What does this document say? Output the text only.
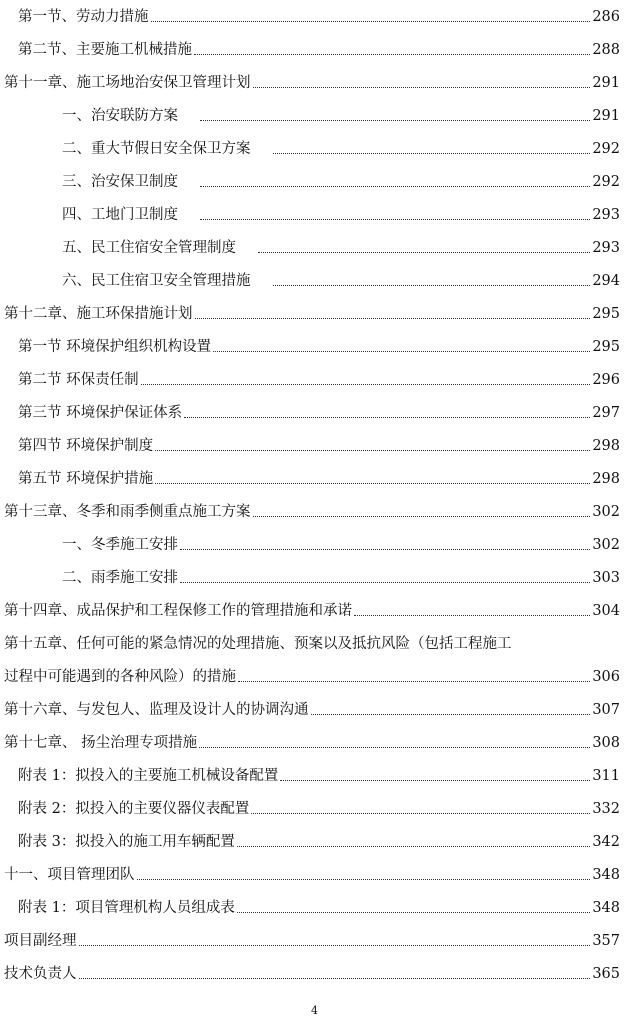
第一节、劳动力措施	286
第二节、主要施工机械措施	288
第十一章、施工场地治安保卫管理计划	291
一、治安联防方案	291
二、重大节假日安全保卫方案	292
三、治安保卫制度	292
四、工地门卫制度	293
五、民工住宿安全管理制度	293
六、民工住宿卫安全管理措施	294
第十二章、施工环保措施计划	295
第一节 环境保护组织机构设置	295
第二节 环保责任制	296
第三节 环境保护保证体系	297
第四节 环境保护制度	298
第五节 环境保护措施	298
第十三章、冬季和雨季侧重点施工方案	302
一、冬季施工安排	302
二、雨季施工安排	303
第十四章、成品保护和工程保修工作的管理措施和承诺	304
第十五章、任何可能的紧急情况的处理措施、预案以及抵抗风险（包括工程施工
过程中可能遇到的各种风险）的措施	306
第十六章、与发包人、监理及设计人的协调沟通	307
第十七章、 扬尘治理专项措施	308
附表 1：拟投入的主要施工机械设备配置	311
附表 2：拟投入的主要仪器仪表配置	332
附表 3：拟投入的施工用车辆配置	342
十一、项目管理团队	348
附表 1：项目管理机构人员组成表	348
项目副经理	357
技术负责人	365
4
